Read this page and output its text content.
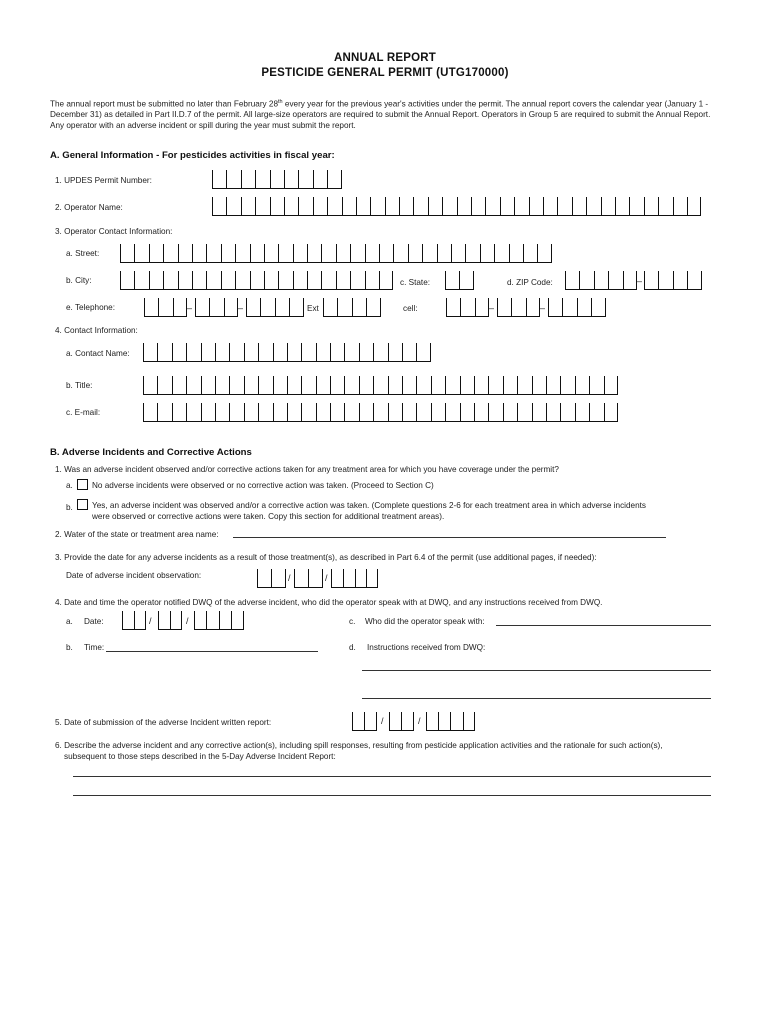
ANNUAL REPORT
PESTICIDE GENERAL PERMIT (UTG170000)
The annual report must be submitted no later than February 28th every year for the previous year's activities under the permit. The annual report covers the calendar year (January 1 - December 31) as detailed in Part II.D.7 of the permit. All large-size operators are required to submit the Annual Report. Operators in Group 5 are required to submit the Annual Report. Any operator with an adverse incident or spill during the year must submit the report.
A. General Information - For pesticides activities in fiscal year:
1. UPDES Permit Number:
2. Operator Name:
3. Operator Contact Information:
a. Street:
b. City:	c. State:	d. ZIP Code:	–
e. Telephone:	–	–	Ext	cell:	–	–
4. Contact Information:
a. Contact Name:
b. Title:
c. E-mail:
B. Adverse Incidents and Corrective Actions
1. Was an adverse incident observed and/or corrective actions taken for any treatment area for which you have coverage under the permit?
a. No adverse incidents were observed or no corrective action was taken. (Proceed to Section C)
b. Yes, an adverse incident was observed and/or a corrective action was taken. (Complete questions 2-6 for each treatment area in which adverse incidents
were observed or corrective actions were taken. Copy this section for additional treatment areas).
2. Water of the state or treatment area name:
3. Provide the date for any adverse incidents as a result of those treatment(s), as described in Part 6.4 of the permit (use additional pages, if needed):
Date of adverse incident observation:	/	/
4. Date and time the operator notified DWQ of the adverse incident, who did the operator speak with at DWQ, and any instructions received from DWQ.
a. Date:	/	/	c. Who did the operator speak with:
b. Time:	d. Instructions received from DWQ:
5. Date of submission of the adverse Incident written report:	/	/
6. Describe the adverse incident and any corrective action(s), including spill responses, resulting from pesticide application activities and the rationale for such action(s),
subsequent to those steps described in the 5-Day Adverse Incident Report:
